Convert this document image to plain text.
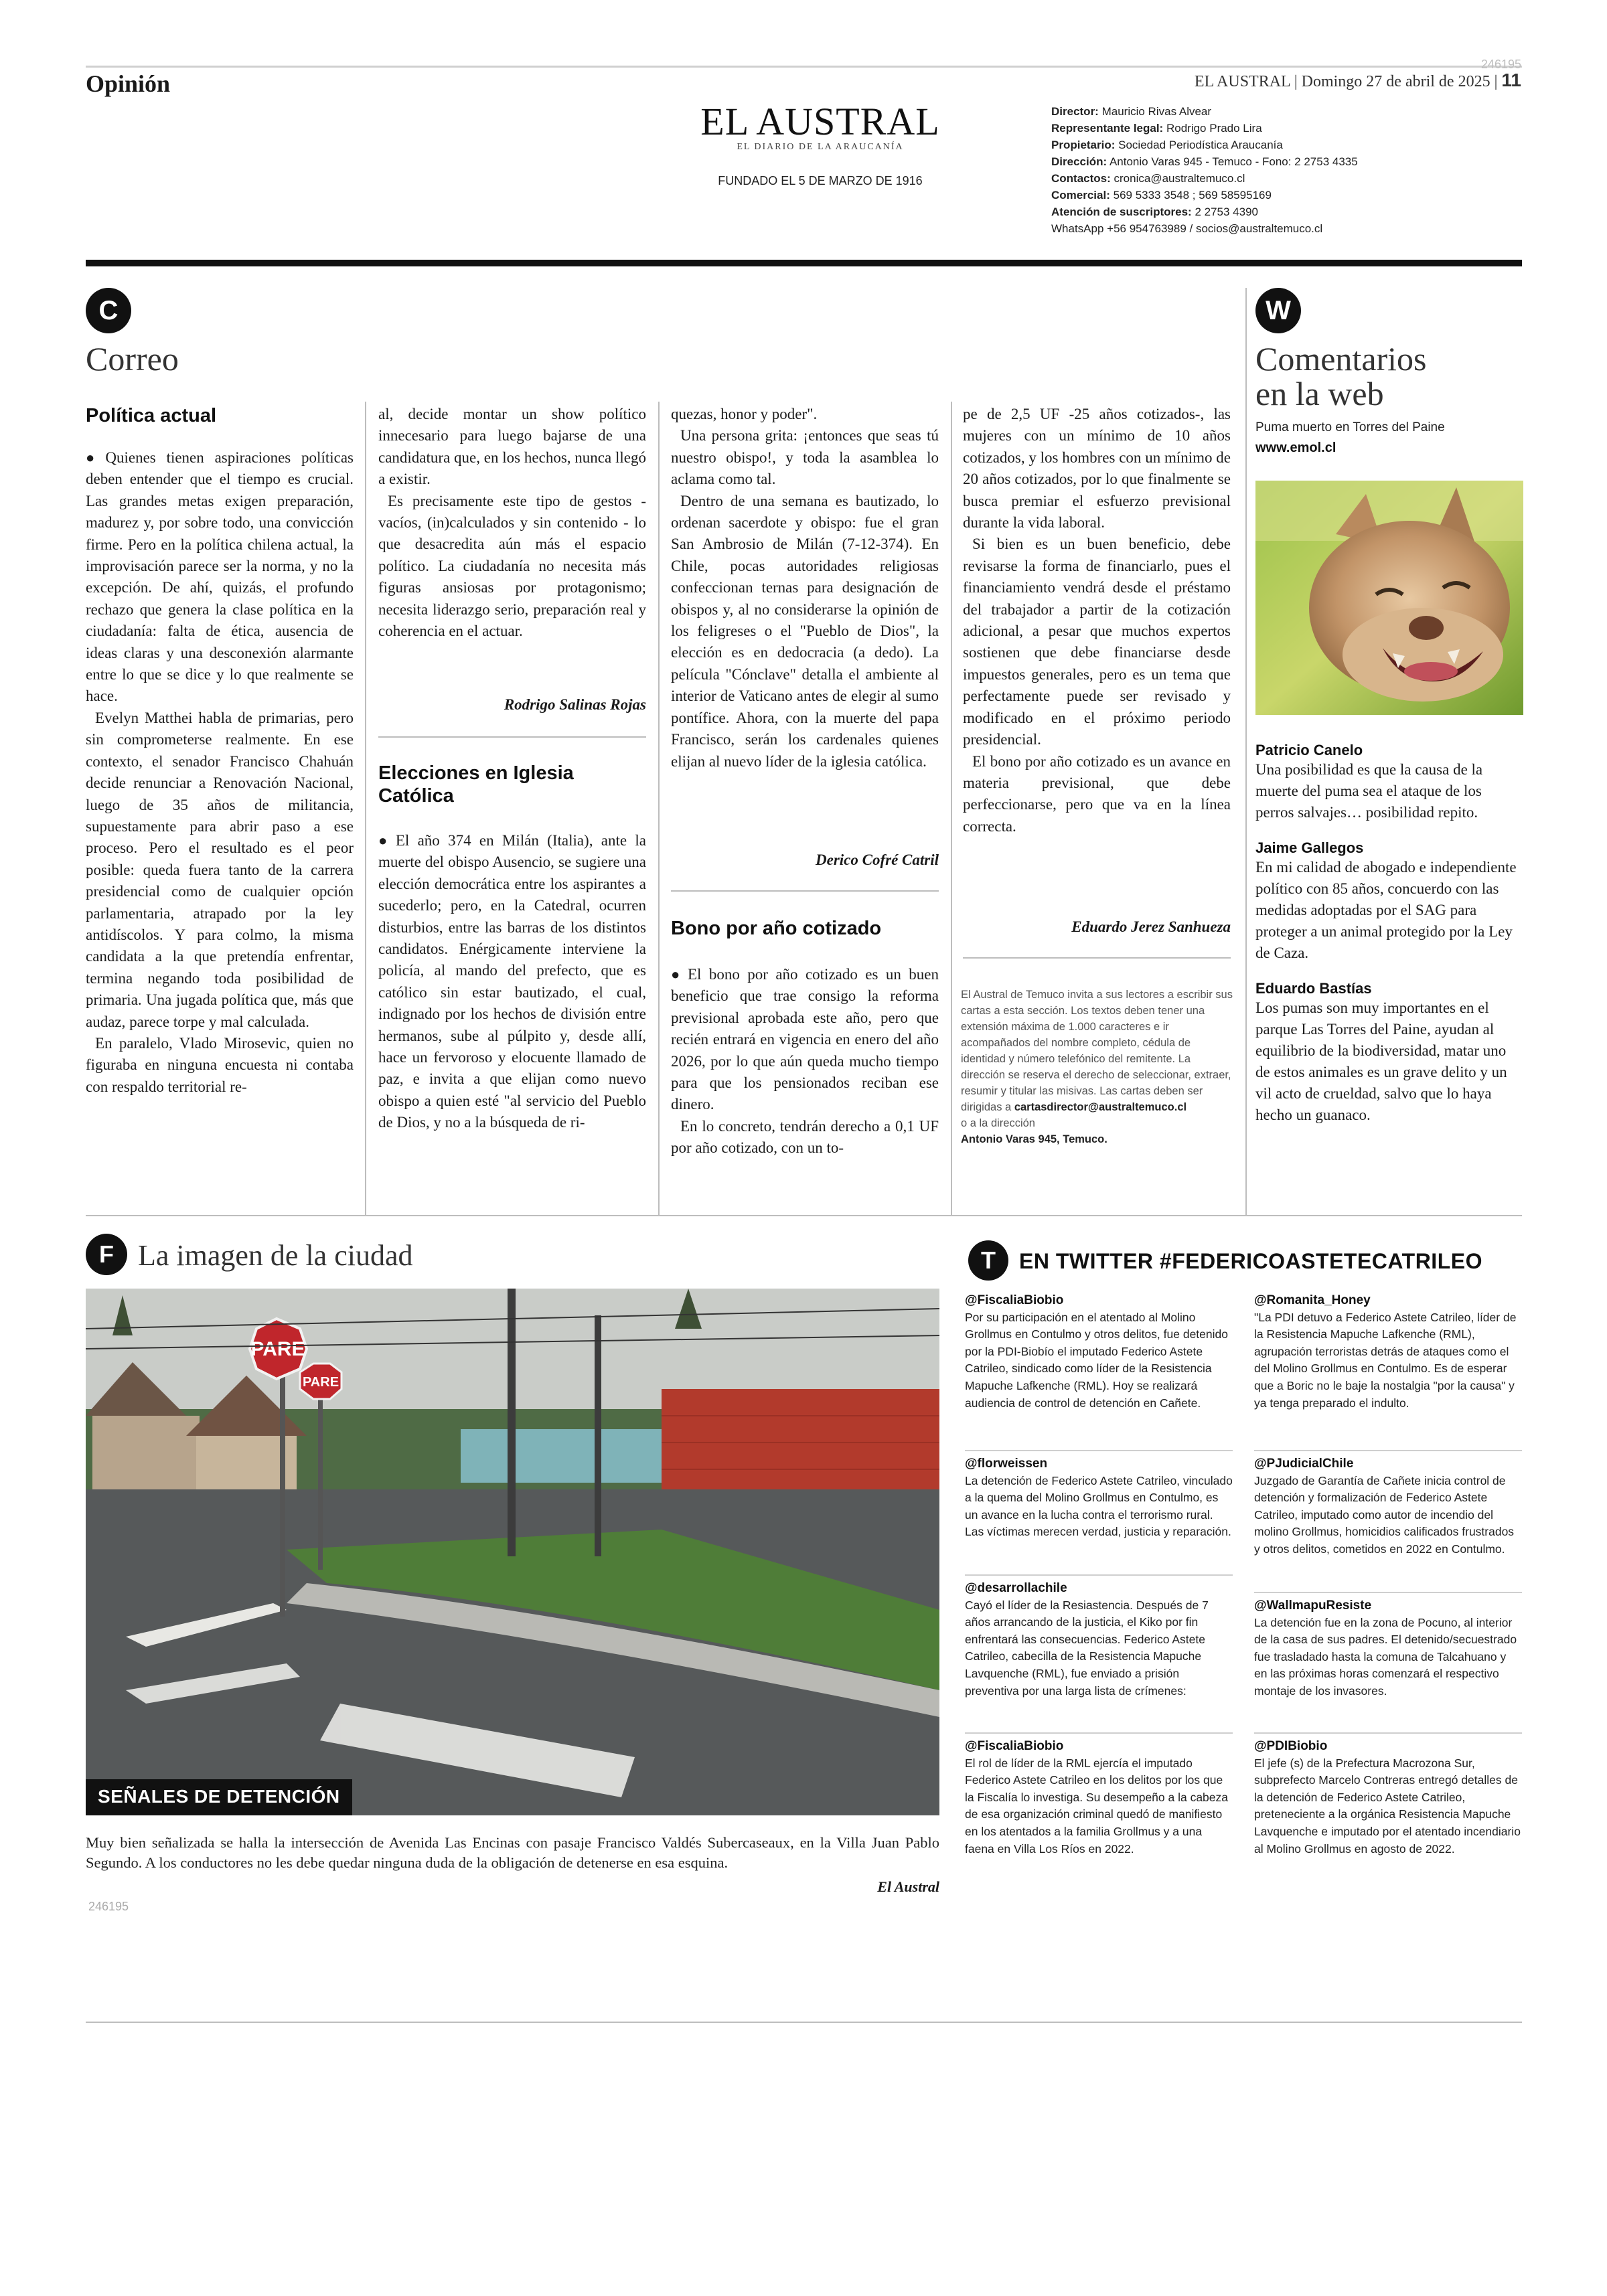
Opinión
246195
EL AUSTRAL | Domingo 27 de abril de 2025 | 11
EL AUSTRAL
EL DIARIO DE LA ARAUCANÍA
FUNDADO EL 5 DE MARZO DE 1916
Director: Mauricio Rivas Alvear
Representante legal: Rodrigo Prado Lira
Propietario: Sociedad Periodística Araucanía
Dirección: Antonio Varas 945 - Temuco - Fono: 2 2753 4335
Contactos: cronica@australtemuco.cl
Comercial: 569 5333 3548 ; 569 58595169
Atención de suscriptores: 2 2753 4390
WhatsApp +56 954763989 / socios@australtemuco.cl
C
Correo
Política actual

● Quienes tienen aspiraciones políticas deben entender que el tiempo es crucial. Las grandes metas exigen preparación, madurez y, por sobre todo, una convicción firme. Pero en la política chilena actual, la improvisación parece ser la norma, y no la excepción. De ahí, quizás, el profundo rechazo que genera la clase política en la ciudadanía: falta de ética, ausencia de ideas claras y una desconexión alarmante entre lo que se dice y lo que realmente se hace.

Evelyn Matthei habla de primarias, pero sin comprometerse realmente. En ese contexto, el senador Francisco Chahuán decide renunciar a Renovación Nacional, luego de 35 años de militancia, supuestamente para abrir paso a ese proceso. Pero el resultado es el peor posible: queda fuera tanto de la carrera presidencial como de cualquier opción parlamentaria, atrapado por la ley antidíscolos. Y para colmo, la misma candidata a la que pretendía enfrentar, termina negando toda posibilidad de primaria. Una jugada política que, más que audaz, parece torpe y mal calculada.

En paralelo, Vlado Mirosevic, quien no figuraba en ninguna encuesta ni contaba con respaldo territorial re-

al, decide montar un show político innecesario para luego bajarse de una candidatura que, en los hechos, nunca llegó a existir.

Es precisamente este tipo de gestos - vacíos, (in)calculados y sin contenido - lo que desacredita aún más el espacio político. La ciudadanía no necesita más figuras ansiosas por protagonismo; necesita liderazgo serio, preparación real y coherencia en el actuar.

Rodrigo Salinas Rojas
Elecciones en Iglesia Católica

● El año 374 en Milán (Italia), ante la muerte del obispo Ausencio, se sugiere una elección democrática entre los aspirantes a sucederlo; pero, en la Catedral, ocurren disturbios, entre las barras de los distintos candidatos. Enérgicamente interviene la policía, al mando del prefecto, que es católico sin estar bautizado, el cual, indignado por los hechos de división entre hermanos, sube al púlpito y, desde allí, hace un fervoroso y elocuente llamado de paz, e invita a que elijan como nuevo obispo a quien esté "al servicio del Pueblo de Dios, y no a la búsqueda de ri-

quezas, honor y poder".

Una persona grita: ¡entonces que seas tú nuestro obispo!, y toda la asamblea lo aclama como tal.

Dentro de una semana es bautizado, lo ordenan sacerdote y obispo: fue el gran San Ambrosio de Milán (7-12-374). En Chile, pocas autoridades religiosas confeccionan ternas para designación de obispos y, al no considerarse la opinión de los feligreses o el "Pueblo de Dios", la elección es en dedocracia (a dedo). La película "Cónclave" detalla el ambiente al interior de Vaticano antes de elegir al sumo pontífice. Ahora, con la muerte del papa Francisco, serán los cardenales quienes elijan al nuevo líder de la iglesia católica.

Derico Cofré Catril
Bono por año cotizado

● El bono por año cotizado es un buen beneficio que trae consigo la reforma previsional aprobada este año, pero que recién entrará en vigencia en enero del año 2026, por lo que aún queda mucho tiempo para que los pensionados reciban ese dinero.

En lo concreto, tendrán derecho a 0,1 UF por año cotizado, con un to-

pe de 2,5 UF -25 años cotizados-, las mujeres con un mínimo de 10 años cotizados, y los hombres con un mínimo de 20 años cotizados, por lo que finalmente se busca premiar el esfuerzo previsional durante la vida laboral.

Si bien es un buen beneficio, debe revisarse la forma de financiarlo, pues el financiamiento vendrá desde el préstamo del trabajador a partir de la cotización adicional, a pesar que muchos expertos sostienen que debe financiarse desde impuestos generales, pero es un tema que perfectamente puede ser revisado y modificado en el próximo periodo presidencial.

El bono por año cotizado es un avance en materia previsional, que debe perfeccionarse, pero que va en la línea correcta.

Eduardo Jerez Sanhueza
El Austral de Temuco invita a sus lectores a escribir sus cartas a esta sección. Los textos deben tener una extensión máxima de 1.000 caracteres e ir acompañados del nombre completo, cédula de identidad y número telefónico del remitente. La dirección se reserva el derecho de seleccionar, extraer, resumir y titular las misivas. Las cartas deben ser dirigidas a cartasdirector@australtemuco.cl
o a la dirección
Antonio Varas 945, Temuco.
W
Comentarios
en la web
Puma muerto en Torres del Paine
www.emol.cl
Patricio Canelo
Una posibilidad es que la causa de la muerte del puma sea el ataque de los perros salvajes… posibilidad repito.
Jaime Gallegos
En mi calidad de abogado e independiente político con 85 años, concuerdo con las medidas adoptadas por el SAG para proteger a un animal protegido por la Ley de Caza.
Eduardo Bastías
Los pumas son muy importantes en el parque Las Torres del Paine, ayudan al equilibrio de la biodiversidad, matar uno de estos animales es un grave delito y un vil acto de crueldad, salvo que lo haya hecho un guanaco.
F La imagen de la ciudad
PARE
PARE
SEÑALES DE DETENCIÓN
Muy bien señalizada se halla la intersección de Avenida Las Encinas con pasaje Francisco Valdés Subercaseaux, en la Villa Juan Pablo Segundo. A los conductores no les debe quedar ninguna duda de la obligación de detenerse en esa esquina.
El Austral
246195
T	EN TWITTER #FEDERICOASTETECATRILEO
@FiscaliaBiobio
Por su participación en el atentado al Molino Grollmus en Contulmo y otros delitos, fue detenido por la PDI-Biobío el imputado Federico Astete Catrileo, sindicado como líder de la Resistencia Mapuche Lafkenche (RML). Hoy se realizará audiencia de control de detención en Cañete.
@florweissen
La detención de Federico Astete Catrileo, vinculado a la quema del Molino Grollmus en Contulmo, es un avance en la lucha contra el terrorismo rural. Las víctimas merecen verdad, justicia y reparación.
@desarrollachile
Cayó el líder de la Resiastencia. Después de 7 años arrancando de la justicia, el Kiko por fin enfrentará las consecuencias. Federico Astete Catrileo, cabecilla de la Resistencia Mapuche Lavquenche (RML), fue enviado a prisión preventiva por una larga lista de crímenes:
@FiscaliaBiobio
El rol de líder de la RML ejercía el imputado Federico Astete Catrileo en los delitos por los que la Fiscalía lo investiga. Su desempeño a la cabeza de esa organización criminal quedó de manifiesto en los atentados a la familia Grollmus y a una faena en Villa Los Ríos en 2022.
@Romanita_Honey
"La PDI detuvo a Federico Astete Catrileo, líder de la Resistencia Mapuche Lafkenche (RML), agrupación terroristas detrás de ataques como el del Molino Grollmus en Contulmo. Es de esperar que a Boric no le baje la nostalgia "por la causa" y ya tenga preparado el indulto.
@PJudicialChile
Juzgado de Garantía de Cañete inicia control de detención y formalización de Federico Astete Catrileo, imputado como autor de incendio del molino Grollmus, homicidios calificados frustrados y otros delitos, cometidos en 2022 en Contulmo.
@WallmapuResiste
La detención fue en la zona de Pocuno, al interior de la casa de sus padres. El detenido/secuestrado fue trasladado hasta la comuna de Talcahuano y en las próximas horas comenzará el respectivo montaje de los invasores.
@PDIBiobio
El jefe (s) de la Prefectura Macrozona Sur, subprefecto Marcelo Contreras entregó detalles de la detención de Federico Astete Catrileo, preteneciente a la orgánica Resistencia Mapuche Lavquenche e imputado por el atentado incendiario al Molino Grollmus en agosto de 2022.
